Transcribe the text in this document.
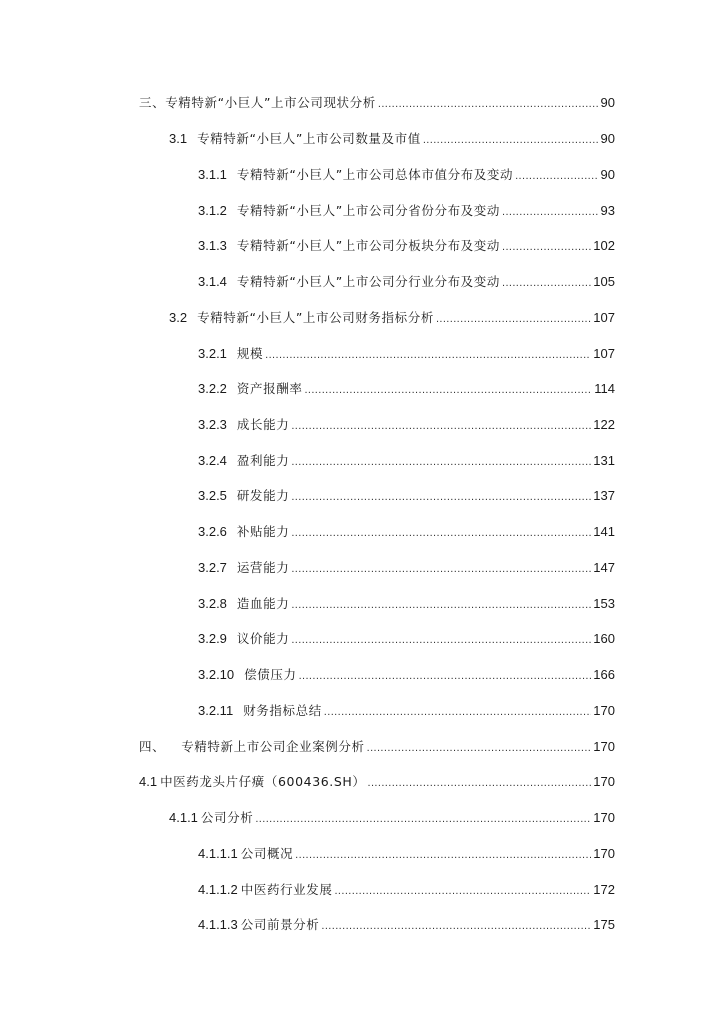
三、 专精特新“小巨人”上市公司现状分析 .....	90
3.1 专精特新“小巨人”上市公司数量及市值 .....	90
3.1.1 专精特新“小巨人”上市公司总体市值分布及变动 .....	90
3.1.2 专精特新“小巨人”上市公司分省份分布及变动 .....	93
3.1.3 专精特新“小巨人”上市公司分板块分布及变动 .....	102
3.1.4 专精特新“小巨人”上市公司分行业分布及变动 .....	105
3.2 专精特新“小巨人”上市公司财务指标分析 .....	107
3.2.1 规模 .....	107
3.2.2 资产报酬率 .....	114
3.2.3 成长能力 .....	122
3.2.4 盈利能力 .....	131
3.2.5 研发能力 .....	137
3.2.6 补贴能力 .....	141
3.2.7 运营能力 .....	147
3.2.8 造血能力 .....	153
3.2.9 议价能力 .....	160
3.2.10 偿债压力 .....	166
3.2.11 财务指标总结 .....	170
四、 专精特新上市公司企业案例分析 .....	170
4.1 中医药龙头片仔癀（600436.SH） .....	170
4.1.1 公司分析 .....	170
4.1.1.1 公司概况 .....	170
4.1.1.2 中医药行业发展 .....	172
4.1.1.3 公司前景分析 .....	175
